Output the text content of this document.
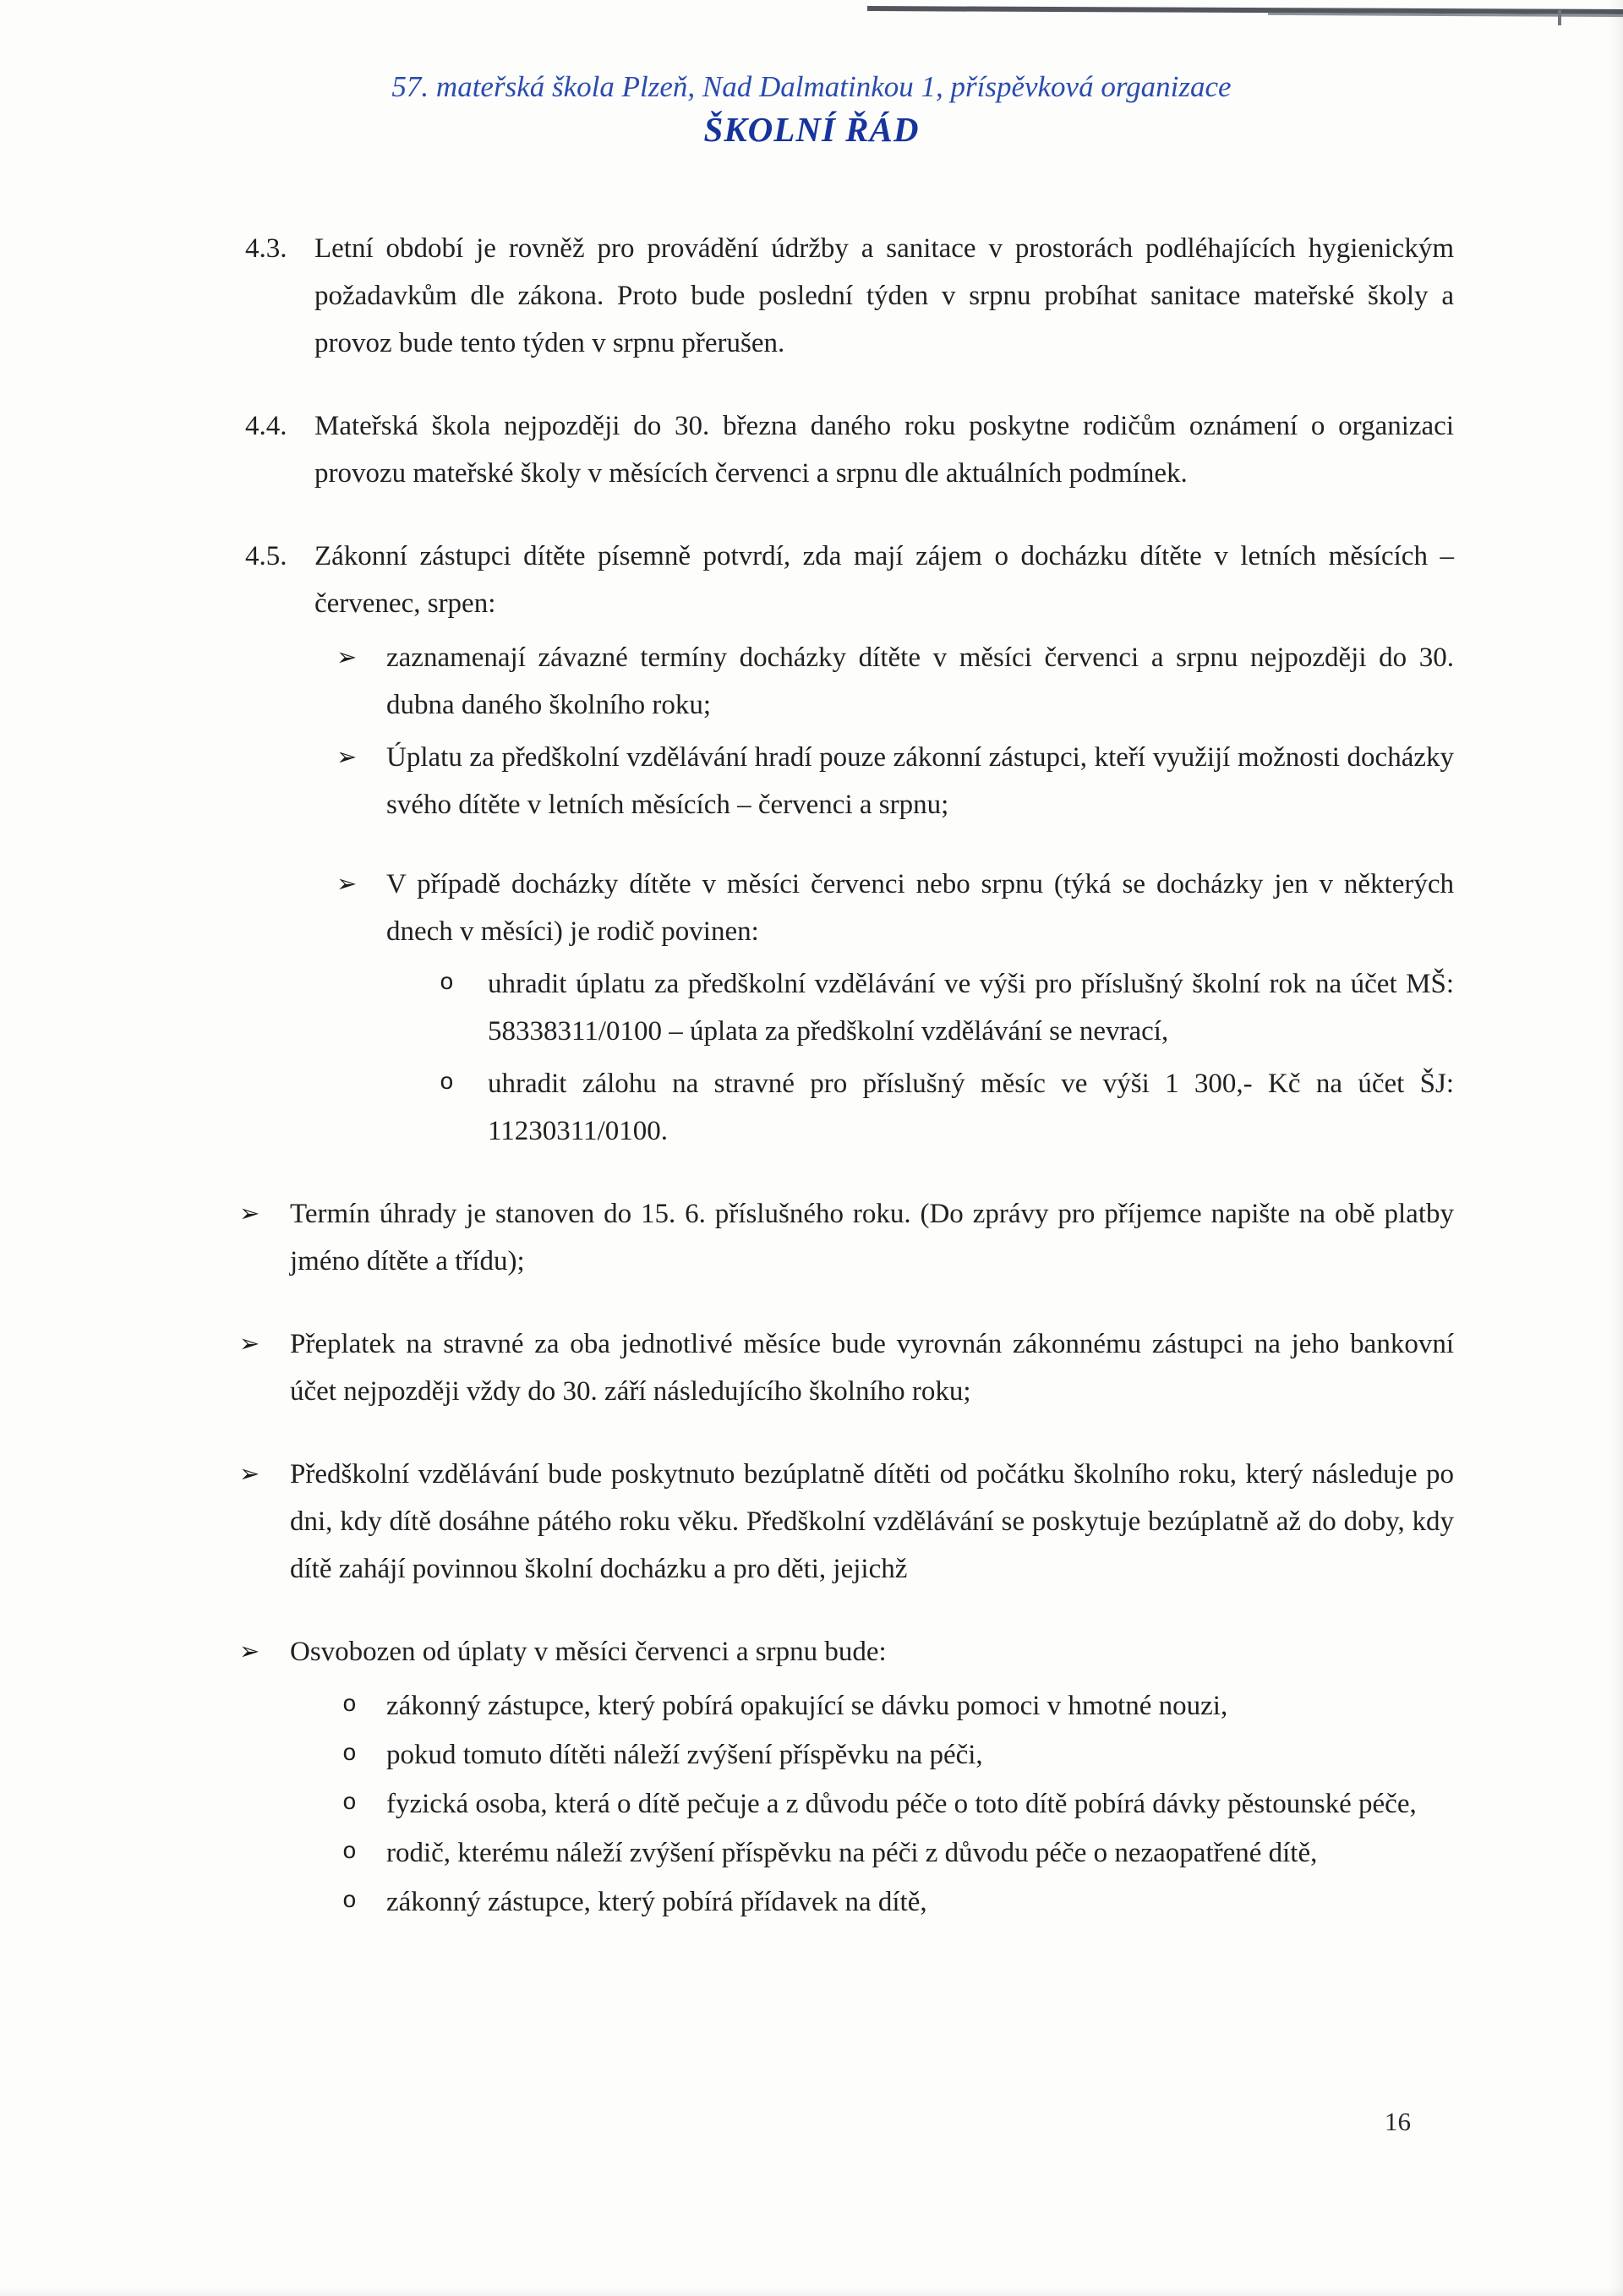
57. mateřská škola Plzeň, Nad Dalmatinkou 1, příspěvková organizace
ŠKOLNÍ ŘÁD
4.3. Letní období je rovněž pro provádění údržby a sanitace v prostorách podléhajících hygienickým požadavkům dle zákona. Proto bude poslední týden v srpnu probíhat sanitace mateřské školy a provoz bude tento týden v srpnu přerušen.
4.4. Mateřská škola nejpozději do 30. března daného roku poskytne rodičům oznámení o organizaci provozu mateřské školy v měsících červenci a srpnu dle aktuálních podmínek.
4.5. Zákonní zástupci dítěte písemně potvrdí, zda mají zájem o docházku dítěte v letních měsících – červenec, srpen:
➢	zaznamenají závazné termíny docházky dítěte v měsíci červenci a srpnu nejpozději do 30. dubna daného školního roku;
➢	Úplatu za předškolní vzdělávání hradí pouze zákonní zástupci, kteří využijí možnosti docházky svého dítěte v letních měsících – červenci a srpnu;
➢	V případě docházky dítěte v měsíci červenci nebo srpnu (týká se docházky jen v některých dnech v měsíci) je rodič povinen:
o	uhradit úplatu za předškolní vzdělávání ve výši pro příslušný školní rok na účet MŠ: 58338311/0100 – úplata za předškolní vzdělávání se nevrací,
o	uhradit zálohu na stravné pro příslušný měsíc ve výši 1 300,- Kč na účet ŠJ: 11230311/0100.
➢	Termín úhrady je stanoven do 15. 6. příslušného roku. (Do zprávy pro příjemce napište na obě platby jméno dítěte a třídu);
➢	Přeplatek na stravné za oba jednotlivé měsíce bude vyrovnán zákonnému zástupci na jeho bankovní účet nejpozději vždy do 30. září následujícího školního roku;
➢	Předškolní vzdělávání bude poskytnuto bezúplatně dítěti od počátku školního roku, který následuje po dni, kdy dítě dosáhne pátého roku věku. Předškolní vzdělávání se poskytuje bezúplatně až do doby, kdy dítě zahájí povinnou školní docházku a pro děti, jejichž
➢	Osvobozen od úplaty v měsíci červenci a srpnu bude:
o	zákonný zástupce, který pobírá opakující se dávku pomoci v hmotné nouzi,
o	pokud tomuto dítěti náleží zvýšení příspěvku na péči,
o	fyzická osoba, která o dítě pečuje a z důvodu péče o toto dítě pobírá dávky pěstounské péče,
o	rodič, kterému náleží zvýšení příspěvku na péči z důvodu péče o nezaopatřené dítě,
o	zákonný zástupce, který pobírá přídavek na dítě,
16
